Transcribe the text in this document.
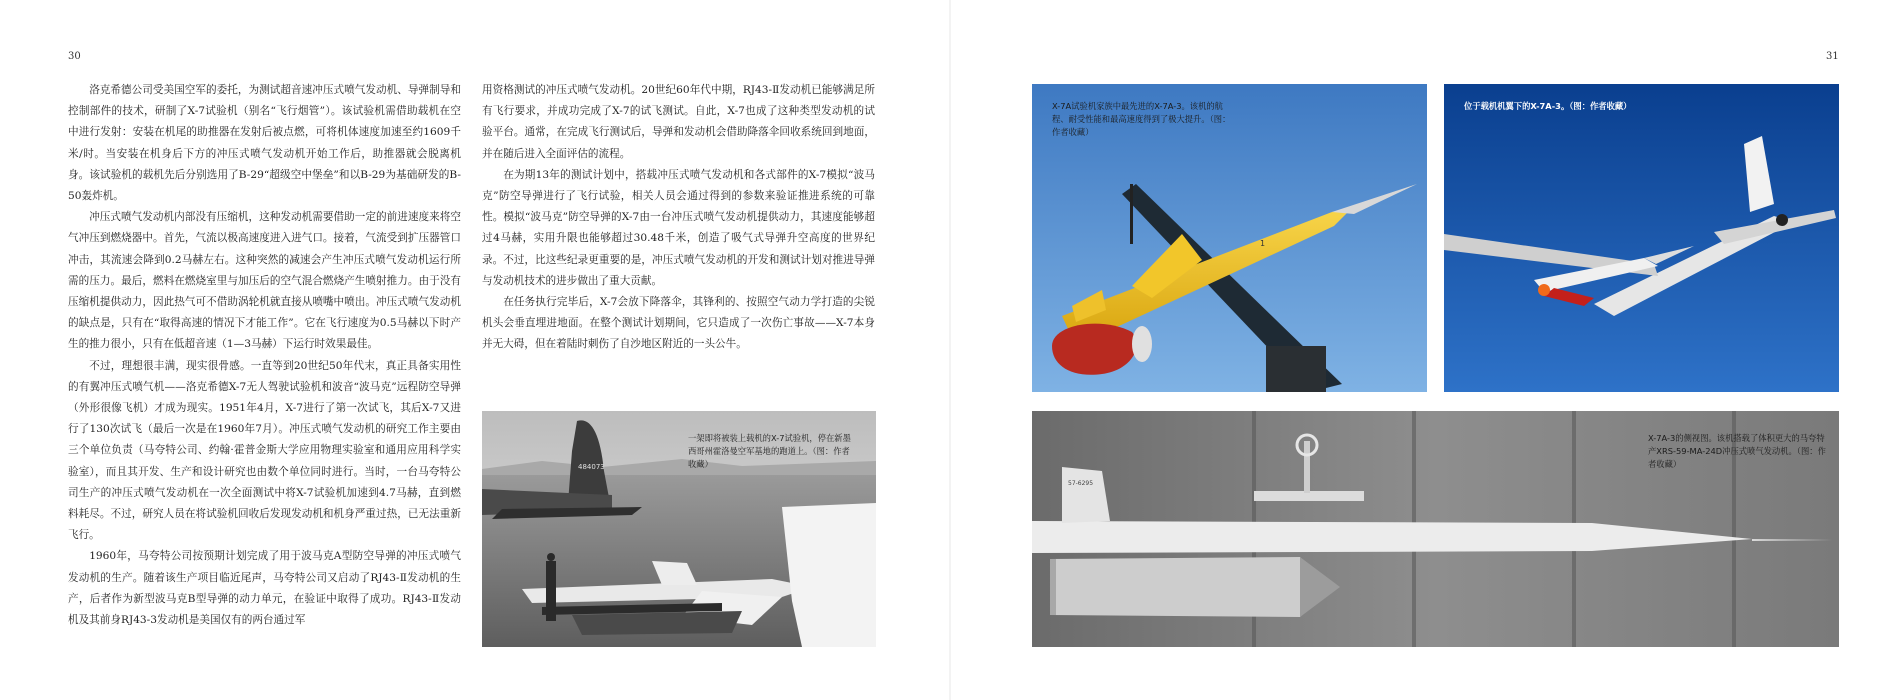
30	31

洛克希德公司受美国空军的委托，为测试超音速冲压式喷气发动机、导弹制导和控制部件的技术，研制了X-7试验机（别名“飞行烟管”）。该试验机需借助载机在空中进行发射：安装在机尾的助推器在发射后被点燃，可将机体速度加速至约1609千米/时。当安装在机身后下方的冲压式喷气发动机开始工作后，助推器就会脱离机身。该试验机的载机先后分别选用了B-29“超级空中堡垒”和以B-29为基础研发的B-50轰炸机。

冲压式喷气发动机内部没有压缩机，这种发动机需要借助一定的前进速度来将空气冲压到燃烧器中。首先，气流以极高速度进入进气口。接着，气流受到扩压器管口冲击，其流速会降到0.2马赫左右。这种突然的减速会产生冲压式喷气发动机运行所需的压力。最后，燃料在燃烧室里与加压后的空气混合燃烧产生喷射推力。由于没有压缩机提供动力，因此热气可不借助涡轮机就直接从喷嘴中喷出。冲压式喷气发动机的缺点是，只有在“取得高速的情况下才能工作”。它在飞行速度为0.5马赫以下时产生的推力很小，只有在低超音速（1—3马赫）下运行时效果最佳。

不过，理想很丰满，现实很骨感。一直等到20世纪50年代末，真正具备实用性的有翼冲压式喷气机——洛克希德X-7无人驾驶试验机和波音“波马克”远程防空导弹（外形很像飞机）才成为现实。1951年4月，X-7进行了第一次试飞，其后X-7又进行了130次试飞（最后一次是在1960年7月）。冲压式喷气发动机的研究工作主要由三个单位负责（马夸特公司、约翰·霍普金斯大学应用物理实验室和通用应用科学实验室），而且其开发、生产和设计研究也由数个单位同时进行。当时，一台马夸特公司生产的冲压式喷气发动机在一次全面测试中将X-7试验机加速到4.7马赫，直到燃料耗尽。不过，研究人员在将试验机回收后发现发动机和机身严重过热，已无法重新飞行。

1960年，马夸特公司按预期计划完成了用于波马克A型防空导弹的冲压式喷气发动机的生产。随着该生产项目临近尾声，马夸特公司又启动了RJ43-Ⅱ发动机的生产，后者作为新型波马克B型导弹的动力单元，在验证中取得了成功。RJ43-Ⅱ发动机及其前身RJ43-3发动机是美国仅有的两台通过军

用资格测试的冲压式喷气发动机。20世纪60年代中期，RJ43-Ⅱ发动机已能够满足所有飞行要求，并成功完成了X-7的试飞测试。自此，X-7也成了这种类型发动机的试验平台。通常，在完成飞行测试后，导弹和发动机会借助降落伞回收系统回到地面，并在随后进入全面评估的流程。

在为期13年的测试计划中，搭载冲压式喷气发动机和各式部件的X-7模拟“波马克”防空导弹进行了飞行试验，相关人员会通过得到的参数来验证推进系统的可靠性。模拟“波马克”防空导弹的X-7由一台冲压式喷气发动机提供动力，其速度能够超过4马赫，实用升限也能够超过30.48千米，创造了吸气式导弹升空高度的世界纪录。不过，比这些纪录更重要的是，冲压式喷气发动机的开发和测试计划对推进导弹与发动机技术的进步做出了重大贡献。

在任务执行完毕后，X-7会放下降落伞，其锋利的、按照空气动力学打造的尖锐机头会垂直埋进地面。在整个测试计划期间，它只造成了一次伤亡事故——X-7本身并无大碍，但在着陆时刺伤了自沙地区附近的一头公牛。

484073
一架即将被装上载机的X-7试验机，停在新墨西哥州霍洛曼空军基地的跑道上。（图：作者收藏）
1
X-7A试验机家族中最先进的X-7A-3。该机的航程、耐受性能和最高速度得到了极大提升。（图：作者收藏）
位于载机机翼下的X-7A-3。（图：作者收藏）
57-6295
X-7A-3的侧视图。该机搭载了体积更大的马夸特产XRS-59-MA-24D冲压式喷气发动机。（图：作者收藏）
